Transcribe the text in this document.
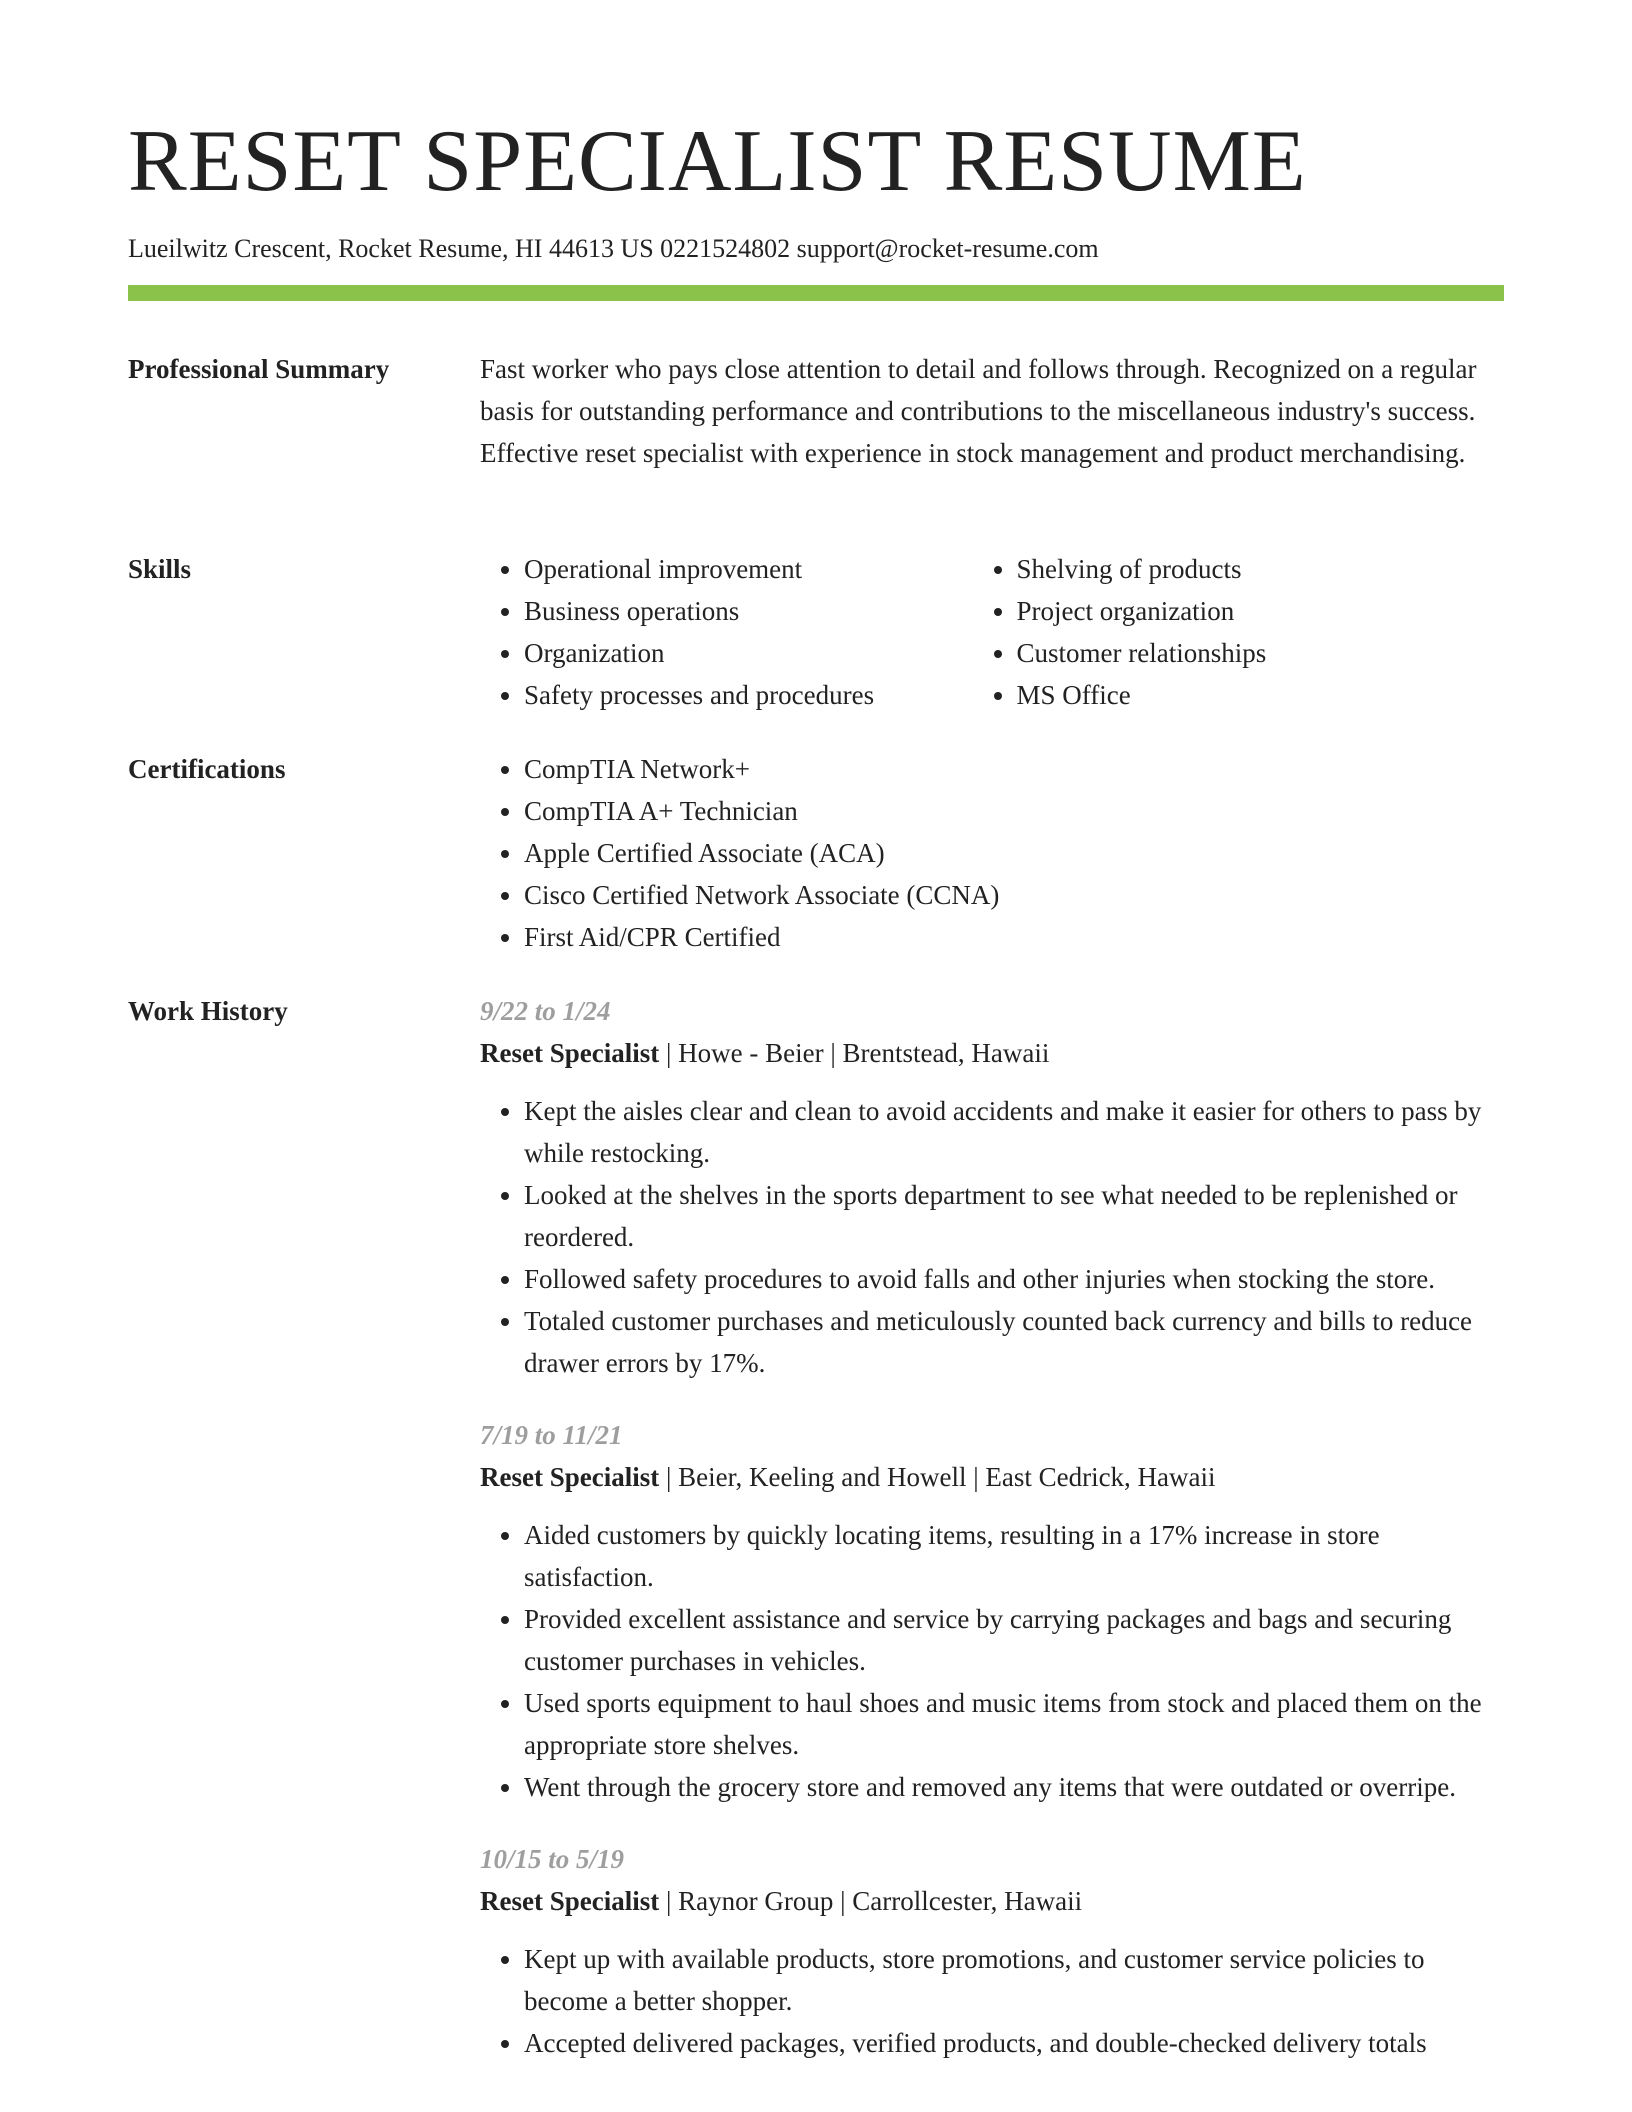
RESET SPECIALIST RESUME
Lueilwitz Crescent, Rocket Resume, HI 44613 US 0221524802 support@rocket-resume.com
Professional Summary	Fast worker who pays close attention to detail and follows through. Recognized on a regular basis for outstanding performance and contributions to the miscellaneous industry's success. Effective reset specialist with experience in stock management and product merchandising.

Skills	• Operational improvement
• Business operations
• Organization
• Safety processes and procedures
• Shelving of products
• Project organization
• Customer relationships
• MS Office
Certifications	• CompTIA Network+
• CompTIA A+ Technician
• Apple Certified Associate (ACA)
• Cisco Certified Network Associate (CCNA)
• First Aid/CPR Certified
Work History	9/22 to 1/24
Reset Specialist | Howe - Beier | Brentstead, Hawaii
• Kept the aisles clear and clean to avoid accidents and make it easier for others to pass by while restocking.
• Looked at the shelves in the sports department to see what needed to be replenished or reordered.
• Followed safety procedures to avoid falls and other injuries when stocking the store.
• Totaled customer purchases and meticulously counted back currency and bills to reduce drawer errors by 17%.
7/19 to 11/21
Reset Specialist | Beier, Keeling and Howell | East Cedrick, Hawaii
• Aided customers by quickly locating items, resulting in a 17% increase in store satisfaction.
• Provided excellent assistance and service by carrying packages and bags and securing customer purchases in vehicles.
• Used sports equipment to haul shoes and music items from stock and placed them on the appropriate store shelves.
• Went through the grocery store and removed any items that were outdated or overripe.
10/15 to 5/19
Reset Specialist | Raynor Group | Carrollcester, Hawaii
• Kept up with available products, store promotions, and customer service policies to become a better shopper.
• Accepted delivered packages, verified products, and double-checked delivery totals
